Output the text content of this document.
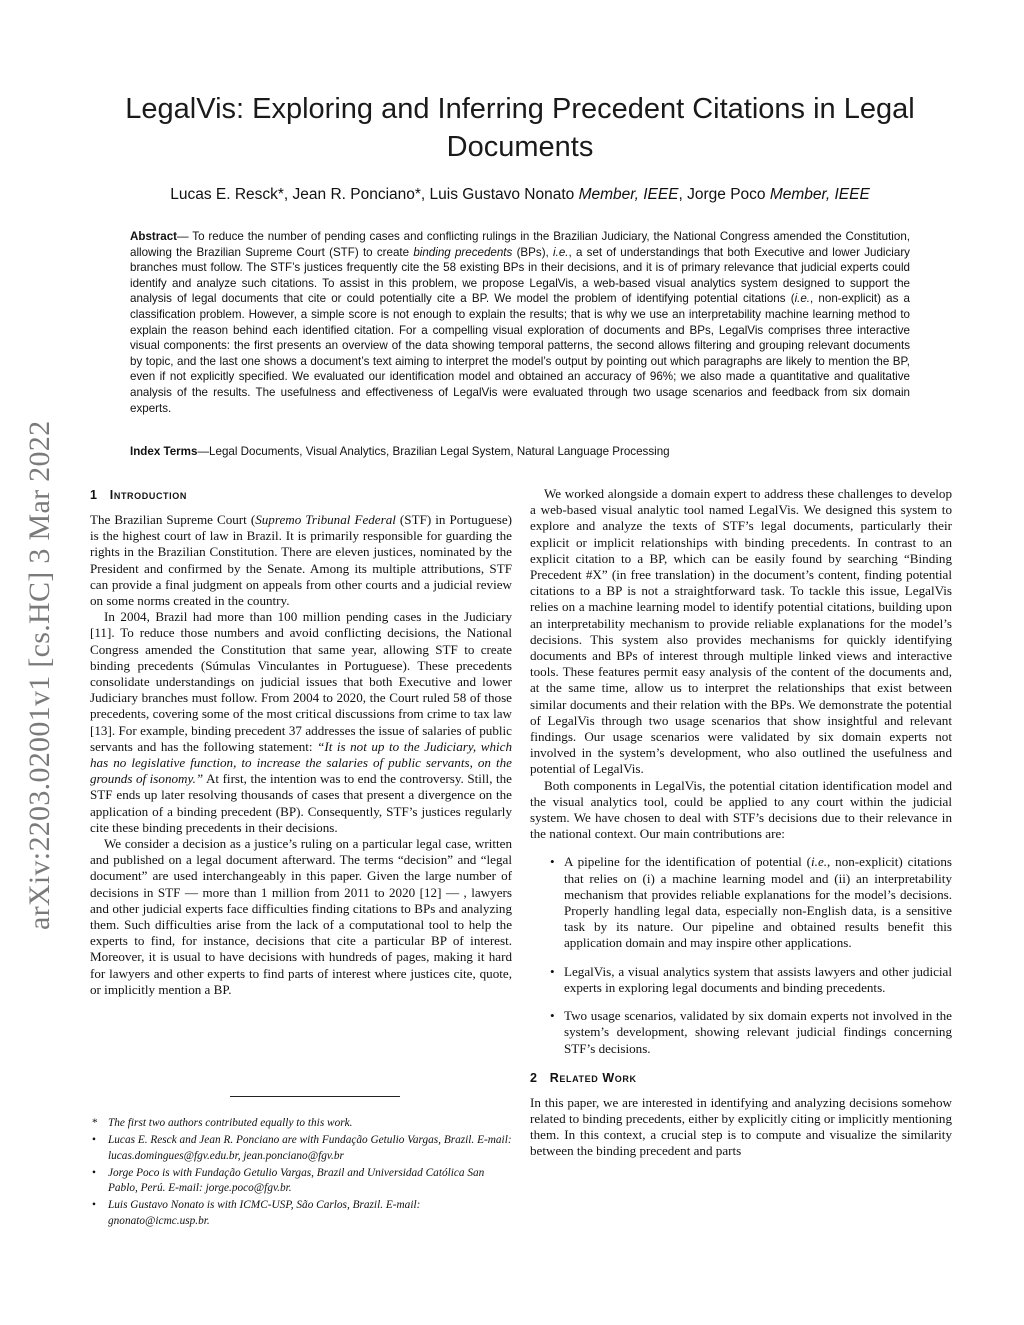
arXiv:2203.02001v1 [cs.HC] 3 Mar 2022
LegalVis: Exploring and Inferring Precedent Citations in Legal Documents
Lucas E. Resck*, Jean R. Ponciano*, Luis Gustavo Nonato Member, IEEE, Jorge Poco Member, IEEE
Abstract— To reduce the number of pending cases and conflicting rulings in the Brazilian Judiciary, the National Congress amended the Constitution, allowing the Brazilian Supreme Court (STF) to create binding precedents (BPs), i.e., a set of understandings that both Executive and lower Judiciary branches must follow. The STF’s justices frequently cite the 58 existing BPs in their decisions, and it is of primary relevance that judicial experts could identify and analyze such citations. To assist in this problem, we propose LegalVis, a web-based visual analytics system designed to support the analysis of legal documents that cite or could potentially cite a BP. We model the problem of identifying potential citations (i.e., non-explicit) as a classification problem. However, a simple score is not enough to explain the results; that is why we use an interpretability machine learning method to explain the reason behind each identified citation. For a compelling visual exploration of documents and BPs, LegalVis comprises three interactive visual components: the first presents an overview of the data showing temporal patterns, the second allows filtering and grouping relevant documents by topic, and the last one shows a document’s text aiming to interpret the model’s output by pointing out which paragraphs are likely to mention the BP, even if not explicitly specified. We evaluated our identification model and obtained an accuracy of 96%; we also made a quantitative and qualitative analysis of the results. The usefulness and effectiveness of LegalVis were evaluated through two usage scenarios and feedback from six domain experts.
Index Terms—Legal Documents, Visual Analytics, Brazilian Legal System, Natural Language Processing
1 Introduction

The Brazilian Supreme Court (Supremo Tribunal Federal (STF) in Portuguese) is the highest court of law in Brazil. It is primarily responsible for guarding the rights in the Brazilian Constitution. There are eleven justices, nominated by the President and confirmed by the Senate. Among its multiple attributions, STF can provide a final judgment on appeals from other courts and a judicial review on some norms created in the country.

In 2004, Brazil had more than 100 million pending cases in the Judiciary [11]. To reduce those numbers and avoid conflicting decisions, the National Congress amended the Constitution that same year, allowing STF to create binding precedents (Súmulas Vinculantes in Portuguese). These precedents consolidate understandings on judicial issues that both Executive and lower Judiciary branches must follow. From 2004 to 2020, the Court ruled 58 of those precedents, covering some of the most critical discussions from crime to tax law [13]. For example, binding precedent 37 addresses the issue of salaries of public servants and has the following statement: “It is not up to the Judiciary, which has no legislative function, to increase the salaries of public servants, on the grounds of isonomy.” At first, the intention was to end the controversy. Still, the STF ends up later resolving thousands of cases that present a divergence on the application of a binding precedent (BP). Consequently, STF’s justices regularly cite these binding precedents in their decisions.

We consider a decision as a justice’s ruling on a particular legal case, written and published on a legal document afterward. The terms “decision” and “legal document” are used interchangeably in this paper. Given the large number of decisions in STF — more than 1 million from 2011 to 2020 [12] — , lawyers and other judicial experts face difficulties finding citations to BPs and analyzing them. Such difficulties arise from the lack of a computational tool to help the experts to find, for instance, decisions that cite a particular BP of interest. Moreover, it is usual to have decisions with hundreds of pages, making it hard for lawyers and other experts to find parts of interest where justices cite, quote, or implicitly mention a BP.

* The first two authors contributed equally to this work.
• Lucas E. Resck and Jean R. Ponciano are with Fundação Getulio Vargas, Brazil. E-mail: lucas.domingues@fgv.edu.br, jean.ponciano@fgv.br
• Jorge Poco is with Fundação Getulio Vargas, Brazil and Universidad Católica San Pablo, Perú. E-mail: jorge.poco@fgv.br.
• Luis Gustavo Nonato is with ICMC-USP, São Carlos, Brazil. E-mail: gnonato@icmc.usp.br.

We worked alongside a domain expert to address these challenges to develop a web-based visual analytic tool named LegalVis. We designed this system to explore and analyze the texts of STF’s legal documents, particularly their explicit or implicit relationships with binding precedents. In contrast to an explicit citation to a BP, which can be easily found by searching “Binding Precedent #X” (in free translation) in the document’s content, finding potential citations to a BP is not a straightforward task. To tackle this issue, LegalVis relies on a machine learning model to identify potential citations, building upon an interpretability mechanism to provide reliable explanations for the model’s decisions. This system also provides mechanisms for quickly identifying documents and BPs of interest through multiple linked views and interactive tools. These features permit easy analysis of the content of the documents and, at the same time, allow us to interpret the relationships that exist between similar documents and their relation with the BPs. We demonstrate the potential of LegalVis through two usage scenarios that show insightful and relevant findings. Our usage scenarios were validated by six domain experts not involved in the system’s development, who also outlined the usefulness and potential of LegalVis.

Both components in LegalVis, the potential citation identification model and the visual analytics tool, could be applied to any court within the judicial system. We have chosen to deal with STF’s decisions due to their relevance in the national context. Our main contributions are:

• A pipeline for the identification of potential (i.e., non-explicit) citations that relies on (i) a machine learning model and (ii) an interpretability mechanism that provides reliable explanations for the model’s decisions. Properly handling legal data, especially non-English data, is a sensitive task by its nature. Our pipeline and obtained results benefit this application domain and may inspire other applications.
• LegalVis, a visual analytics system that assists lawyers and other judicial experts in exploring legal documents and binding precedents.
• Two usage scenarios, validated by six domain experts not involved in the system’s development, showing relevant judicial findings concerning STF’s decisions.
2 Related Work

In this paper, we are interested in identifying and analyzing decisions somehow related to binding precedents, either by explicitly citing or implicitly mentioning them. In this context, a crucial step is to compute and visualize the similarity between the binding precedent and parts
